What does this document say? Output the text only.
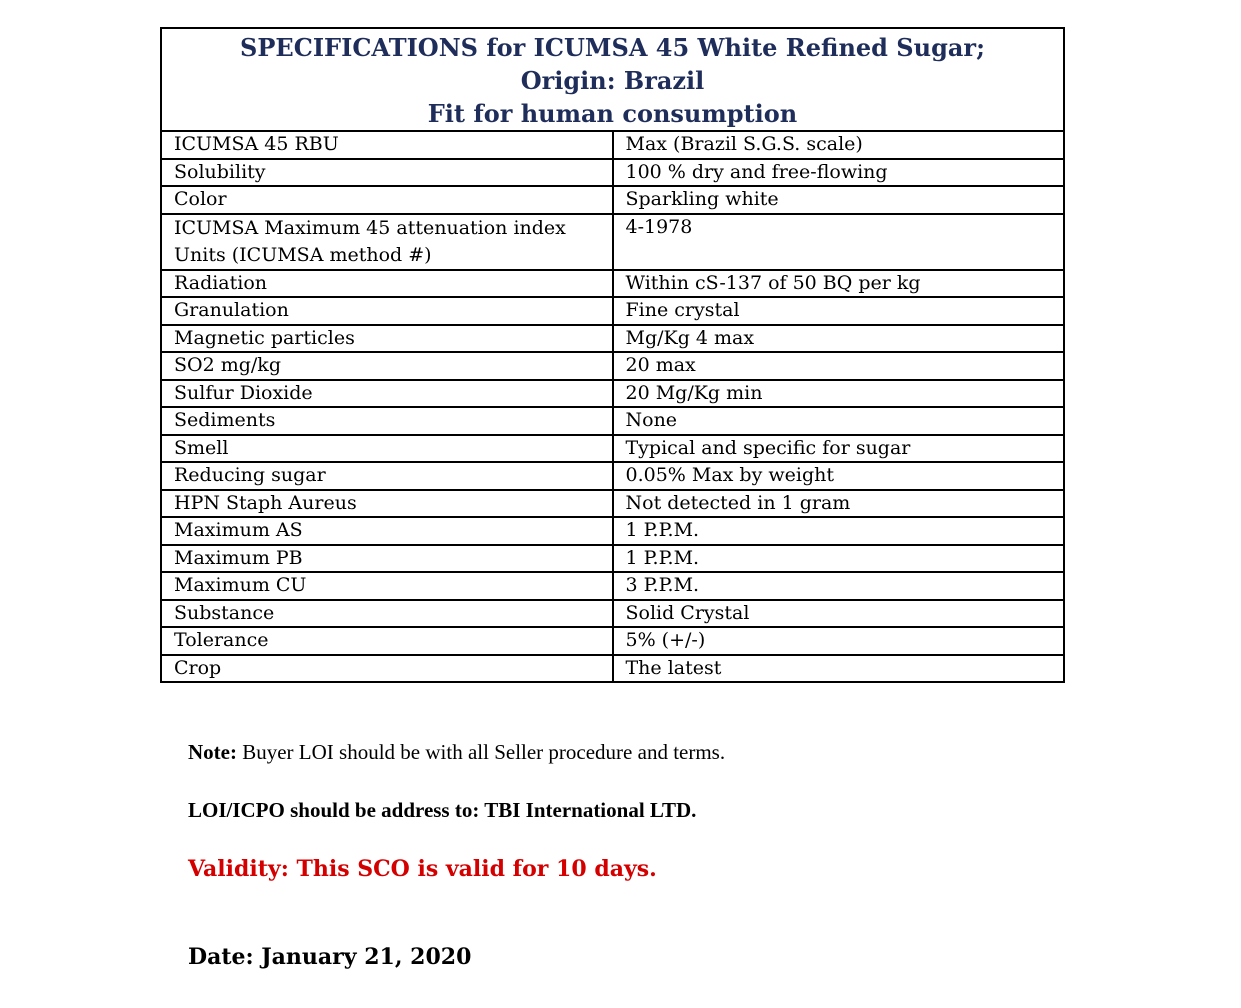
SPECIFICATIONS for ICUMSA 45 White Refined Sugar;
Origin: Brazil
Fit for human consumption	

ICUMSA 45 RBU	Max (Brazil S.G.S. scale)
Solubility	100 % dry and free-flowing
Color	Sparkling white
ICUMSA Maximum 45 attenuation index Units (ICUMSA method #)	4-1978
Radiation	Within cS-137 of 50 BQ per kg
Granulation	Fine crystal
Magnetic particles	Mg/Kg 4 max
SO2 mg/kg	20 max
Sulfur Dioxide	20 Mg/Kg min
Sediments	None
Smell	Typical and specific for sugar
Reducing sugar	0.05% Max by weight
HPN Staph Aureus	Not detected in 1 gram
Maximum AS	1 P.P.M.
Maximum PB	1 P.P.M.
Maximum CU	3 P.P.M.
Substance	Solid Crystal
Tolerance	5% (+/-)
Crop	The latest
Note: Buyer LOI should be with all Seller procedure and terms.
LOI/ICPO should be address to: TBI International LTD.
Validity: This SCO is valid for 10 days.
Date: January 21, 2020
